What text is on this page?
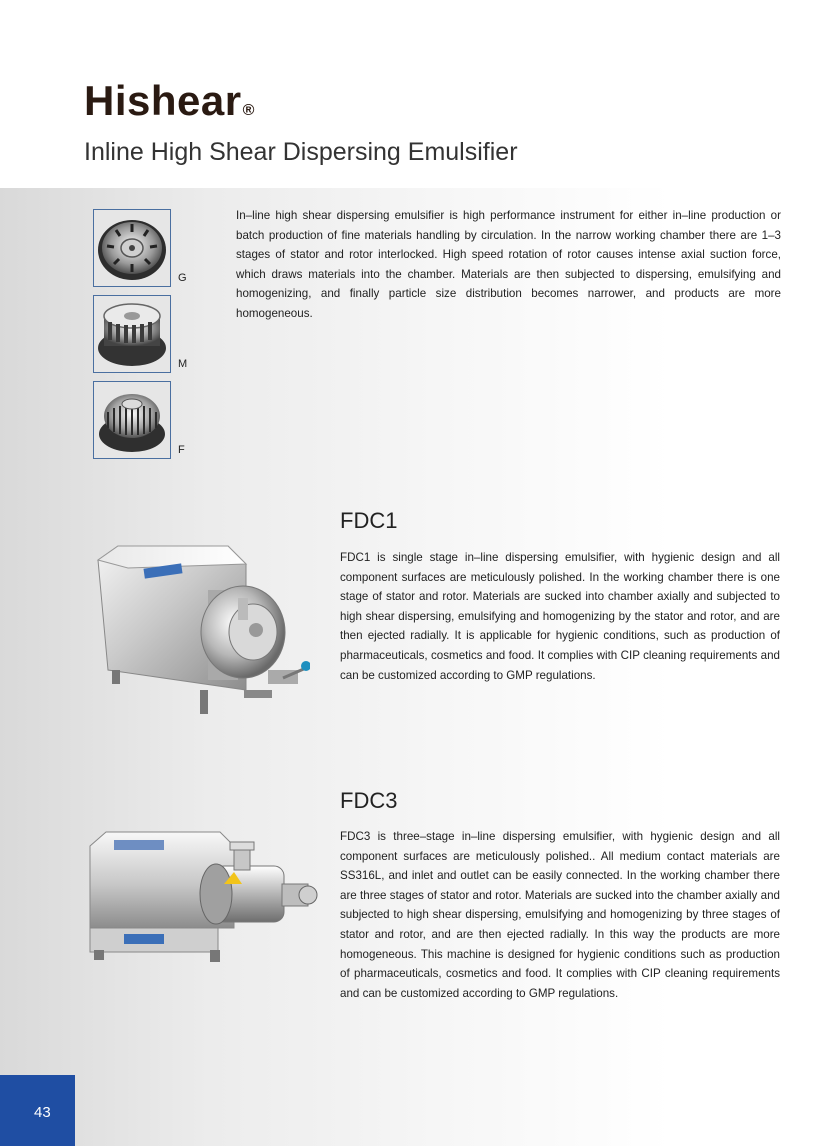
Hishear®
Inline High Shear Dispersing Emulsifier
G
M
F

In–line high shear dispersing emulsifier is high performance instrument for either in–line production or batch production of fine materials handling by circulation. In the narrow working chamber there are 1–3 stages of stator and rotor interlocked. High speed rotation of rotor causes intense axial suction force, which draws materials into the chamber. Materials are then subjected to dispersing, emulsifying and homogenizing, and finally particle size distribution becomes narrower, and products are more homogeneous.

FDC1

FDC1 is single stage in–line dispersing emulsifier, with hygienic design and all component surfaces are meticulously polished. In the working chamber there is one stage of stator and rotor. Materials are sucked into chamber axially and subjected to high shear dispersing, emulsifying and homogenizing by the stator and rotor, and are then ejected radially. It is applicable for hygienic conditions, such as production of pharmaceuticals, cosmetics and food. It complies with CIP cleaning requirements and can be customized according to GMP regulations.

FDC3

FDC3 is three–stage in–line dispersing emulsifier, with hygienic design and all component surfaces are meticulously polished.. All medium contact materials are SS316L, and inlet and outlet can be easily connected. In the working chamber there are three stages of stator and rotor. Materials are sucked into the chamber axially and subjected to high shear dispersing, emulsifying and homogenizing by three stages of stator and rotor, and are then ejected radially. In this way the products are more homogeneous. This machine is designed for hygienic conditions such as production of pharmaceuticals, cosmetics and food. It complies with CIP cleaning requirements and can be customized according to GMP regulations.

43
